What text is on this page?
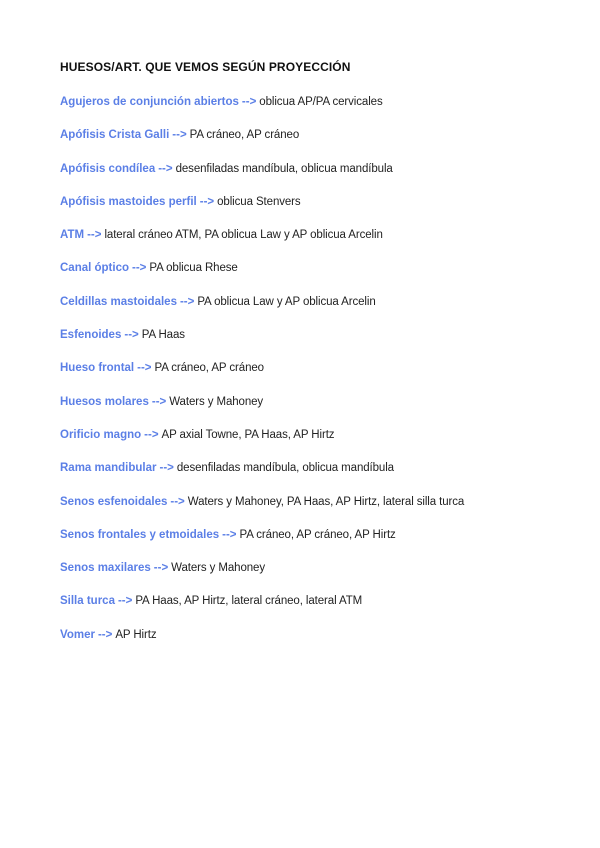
HUESOS/ART. QUE VEMOS SEGÚN PROYECCIÓN
Agujeros de conjunción abiertos --> oblicua AP/PA cervicales
Apófisis Crista Galli --> PA cráneo, AP cráneo
Apófisis condílea --> desenfiladas mandíbula, oblicua mandíbula
Apófisis mastoides perfil --> oblicua Stenvers
ATM --> lateral cráneo ATM, PA oblicua Law y AP oblicua Arcelin
Canal óptico --> PA oblicua Rhese
Celdillas mastoidales --> PA oblicua Law y AP oblicua Arcelin
Esfenoides --> PA Haas
Hueso frontal --> PA cráneo, AP cráneo
Huesos molares --> Waters y Mahoney
Orificio magno --> AP axial Towne, PA Haas, AP Hirtz
Rama mandibular --> desenfiladas mandíbula, oblicua mandíbula
Senos esfenoidales --> Waters y Mahoney, PA Haas, AP Hirtz, lateral silla turca
Senos frontales y etmoidales --> PA cráneo, AP cráneo, AP Hirtz
Senos maxilares --> Waters y Mahoney
Silla turca --> PA Haas, AP Hirtz, lateral cráneo, lateral ATM
Vomer --> AP Hirtz
